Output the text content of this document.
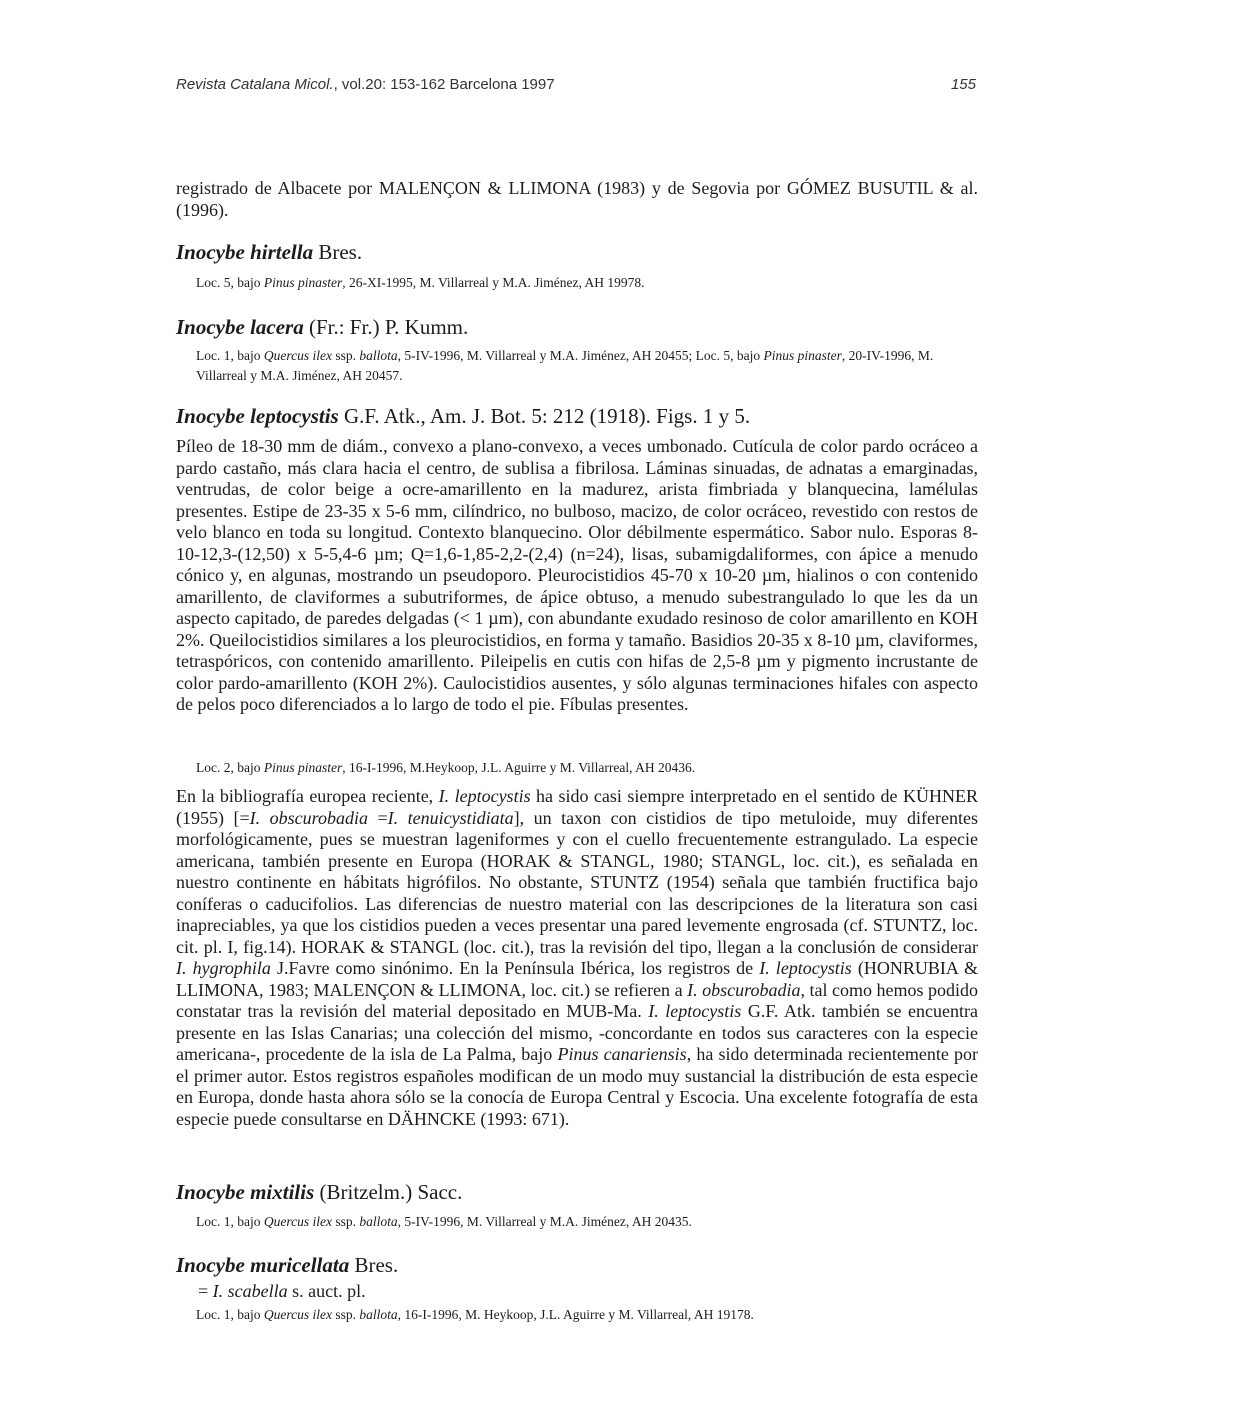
Revista Catalana Micol., vol.20: 153-162 Barcelona 1997	155

registrado de Albacete por MALENÇON & LLIMONA (1983) y de Segovia por GÓMEZ BUSUTIL & al. (1996).

Inocybe hirtella Bres.

Loc. 5, bajo Pinus pinaster, 26-XI-1995, M. Villarreal y M.A. Jiménez, AH 19978.

Inocybe lacera (Fr.: Fr.) P. Kumm.

Loc. 1, bajo Quercus ilex ssp. ballota, 5-IV-1996, M. Villarreal y M.A. Jiménez, AH 20455; Loc. 5, bajo Pinus pinaster, 20-IV-1996, M. Villarreal y M.A. Jiménez, AH 20457.

Inocybe leptocystis G.F. Atk., Am. J. Bot. 5: 212 (1918). Figs. 1 y 5.

Píleo de 18-30 mm de diám., convexo a plano-convexo, a veces umbonado. Cutícula de color pardo ocráceo a pardo castaño, más clara hacia el centro, de sublisa a fibrilosa. Láminas sinuadas, de adnatas a emarginadas, ventrudas, de color beige a ocre-amarillento en la madurez, arista fimbriada y blanquecina, lamélulas presentes. Estipe de 23-35 x 5-6 mm, cilíndrico, no bulboso, macizo, de color ocráceo, revestido con restos de velo blanco en toda su longitud. Contexto blanquecino. Olor débilmente espermático. Sabor nulo. Esporas 8-10-12,3-(12,50) x 5-5,4-6 µm; Q=1,6-1,85-2,2-(2,4) (n=24), lisas, subamigdaliformes, con ápice a menudo cónico y, en algunas, mostrando un pseudoporo. Pleurocistidios 45-70 x 10-20 µm, hialinos o con contenido amarillento, de claviformes a subutriformes, de ápice obtuso, a menudo subestrangulado lo que les da un aspecto capitado, de paredes delgadas (< 1 µm), con abundante exudado resinoso de color amarillento en KOH 2%. Queilocistidios similares a los pleurocistidios, en forma y tamaño. Basidios 20-35 x 8-10 µm, claviformes, tetraspóricos, con contenido amarillento. Pileipelis en cutis con hifas de 2,5-8 µm y pigmento incrustante de color pardo-amarillento (KOH 2%). Caulocistidios ausentes, y sólo algunas terminaciones hifales con aspecto de pelos poco diferenciados a lo largo de todo el pie. Fíbulas presentes.

Loc. 2, bajo Pinus pinaster, 16-I-1996, M.Heykoop, J.L. Aguirre y M. Villarreal, AH 20436.

En la bibliografía europea reciente, I. leptocystis ha sido casi siempre interpretado en el sentido de KÜHNER (1955) [=I. obscurobadia =I. tenuicystidiata], un taxon con cistidios de tipo metuloide, muy diferentes morfológicamente, pues se muestran lageniformes y con el cuello frecuentemente estrangulado. La especie americana, también presente en Europa (HORAK & STANGL, 1980; STANGL, loc. cit.), es señalada en nuestro continente en hábitats higrófilos. No obstante, STUNTZ (1954) señala que también fructifica bajo coníferas o caducifolios. Las diferencias de nuestro material con las descripciones de la literatura son casi inapreciables, ya que los cistidios pueden a veces presentar una pared levemente engrosada (cf. STUNTZ, loc. cit. pl. I, fig.14). HORAK & STANGL (loc. cit.), tras la revisión del tipo, llegan a la conclusión de considerar I. hygrophila J.Favre como sinónimo. En la Península Ibérica, los registros de I. leptocystis (HONRUBIA & LLIMONA, 1983; MALENÇON & LLIMONA, loc. cit.) se refieren a I. obscurobadia, tal como hemos podido constatar tras la revisión del material depositado en MUB-Ma. I. leptocystis G.F. Atk. también se encuentra presente en las Islas Canarias; una colección del mismo, -concordante en todos sus caracteres con la especie americana-, procedente de la isla de La Palma, bajo Pinus canariensis, ha sido determinada recientemente por el primer autor. Estos registros españoles modifican de un modo muy sustancial la distribución de esta especie en Europa, donde hasta ahora sólo se la conocía de Europa Central y Escocia. Una excelente fotografía de esta especie puede consultarse en DÄHNCKE (1993: 671).

Inocybe mixtilis (Britzelm.) Sacc.

Loc. 1, bajo Quercus ilex ssp. ballota, 5-IV-1996, M. Villarreal y M.A. Jiménez, AH 20435.

Inocybe muricellata Bres.

= I. scabella s. auct. pl.

Loc. 1, bajo Quercus ilex ssp. ballota, 16-I-1996, M. Heykoop, J.L. Aguirre y M. Villarreal, AH 19178.
